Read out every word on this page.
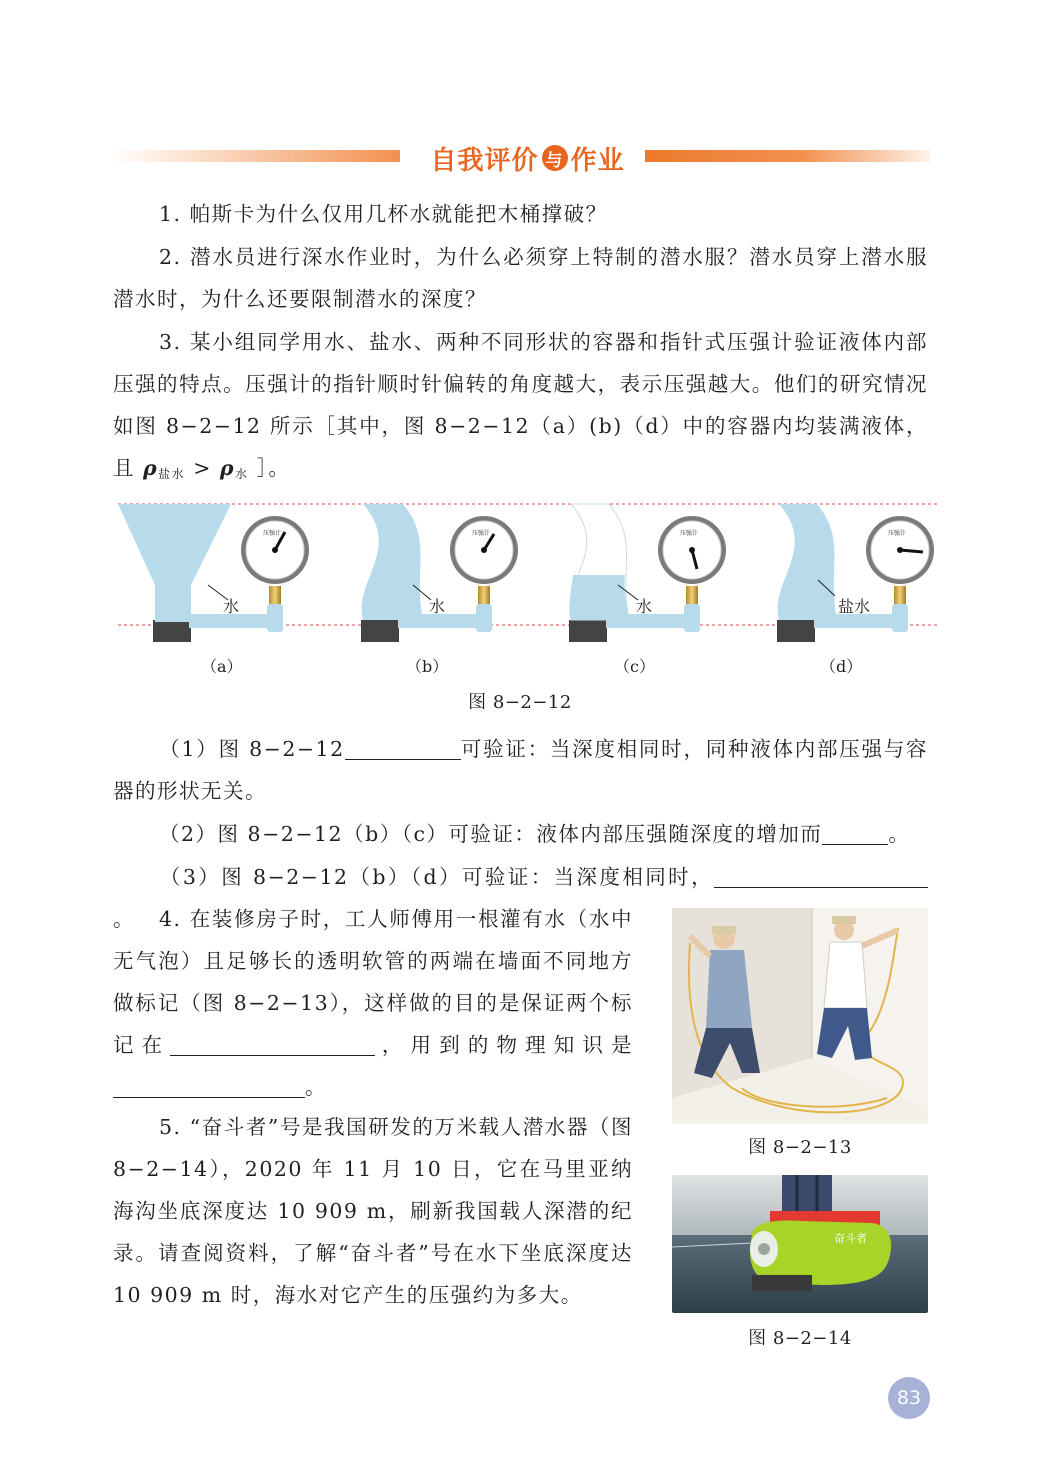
自我评价 与 作业

1. 帕斯卡为什么仅用几杯水就能把木桶撑破？

2. 潜水员进行深水作业时，为什么必须穿上特制的潜水服？潜水员穿上潜水服潜水时，为什么还要限制潜水的深度？

3. 某小组同学用水、盐水、两种不同形状的容器和指针式压强计验证液体内部压强的特点。压强计的指针顺时针偏转的角度越大，表示压强越大。他们的研究情况如图 8−2−12 所示［其中，图 8−2−12（a）(b)（d）中的容器内均装满液体，且 $\rho_{盐水} > \rho_水$ ］。

压强计	压强计	压强计	压强计
水	水	水	盐水
（a）	（b）	（c）	（d）
图 8−2−12

（1）图 8−2−12	可验证：当深度相同时，同种液体内部压强与容器的形状无关。

（2）图 8−2−12（b）（c）可验证：液体内部压强随深度的增加而	。

（3）图 8−2−12（b）（d）可验证：当深度相同时，。	4. 在装修房子时，工人师傅用一根灌有水（水中无气泡）且足够长的透明软管的两端在墙面不同地方做标记（图 8−2−13），这样做的目的是保证两个标记在	，用到的物理知识是。

图 8−2−13

5. “奋斗者”号是我国研发的万米载人潜水器（图 8−2−14），2020 年 11 月 10 日，它在马里亚纳海沟坐底深度达 10 909 m，刷新我国载人深潜的纪录。请查阅资料，了解“奋斗者”号在水下坐底深度达 10 909 m 时，海水对它产生的压强约为多大。

奋斗者
图 8−2−14
83
